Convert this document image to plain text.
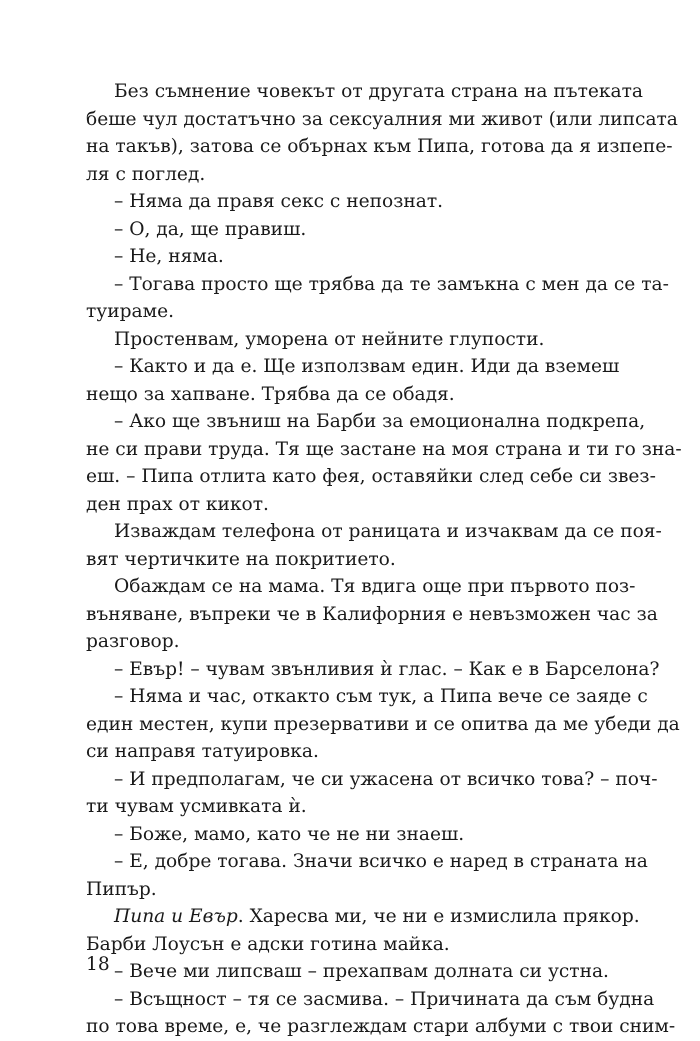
Без съмнение човекът от другата страна на пътеката
беше чул достатъчно за сексуалния ми живот (или липсата
на такъв), затова се обърнах към Пипа, готова да я изпепе-
ля с поглед.
– Няма да правя секс с непознат.
– О, да, ще правиш.
– Не, няма.
– Тогава просто ще трябва да те замъкна с мен да се та-
туираме.
Простенвам, уморена от нейните глупости.
– Както и да е. Ще използвам един. Иди да вземеш
нещо за хапване. Трябва да се обадя.
– Ако ще звъниш на Барби за емоционална подкрепа,
не си прави труда. Тя ще застане на моя страна и ти го зна-
еш. – Пипа отлита като фея, оставяйки след себе си звез-
ден прах от кикот.
Изваждам телефона от раницата и изчаквам да се поя-
вят чертичките на покритието.
Обаждам се на мама. Тя вдига още при първото поз-
въняване, въпреки че в Калифорния е невъзможен час за
разговор.
– Евър! – чувам звънливия ѝ глас. – Как е в Барселона?
– Няма и час, откакто съм тук, а Пипа вече се заяде с
един местен, купи презервативи и се опитва да ме убеди да
си направя татуировка.
– И предполагам, че си ужасена от всичко това? – поч-
ти чувам усмивката ѝ.
– Боже, мамо, като че не ни знаеш.
– Е, добре тогава. Значи всичко е наред в страната на
Пипър.
Пипа и Евър. Харесва ми, че ни е измислила прякор.
Барби Лоусън е адски готина майка.
– Вече ми липсваш – прехапвам долната си устна.
– Всъщност – тя се засмива. – Причината да съм будна
по това време, е, че разглеждам стари албуми с твои сним-
18
